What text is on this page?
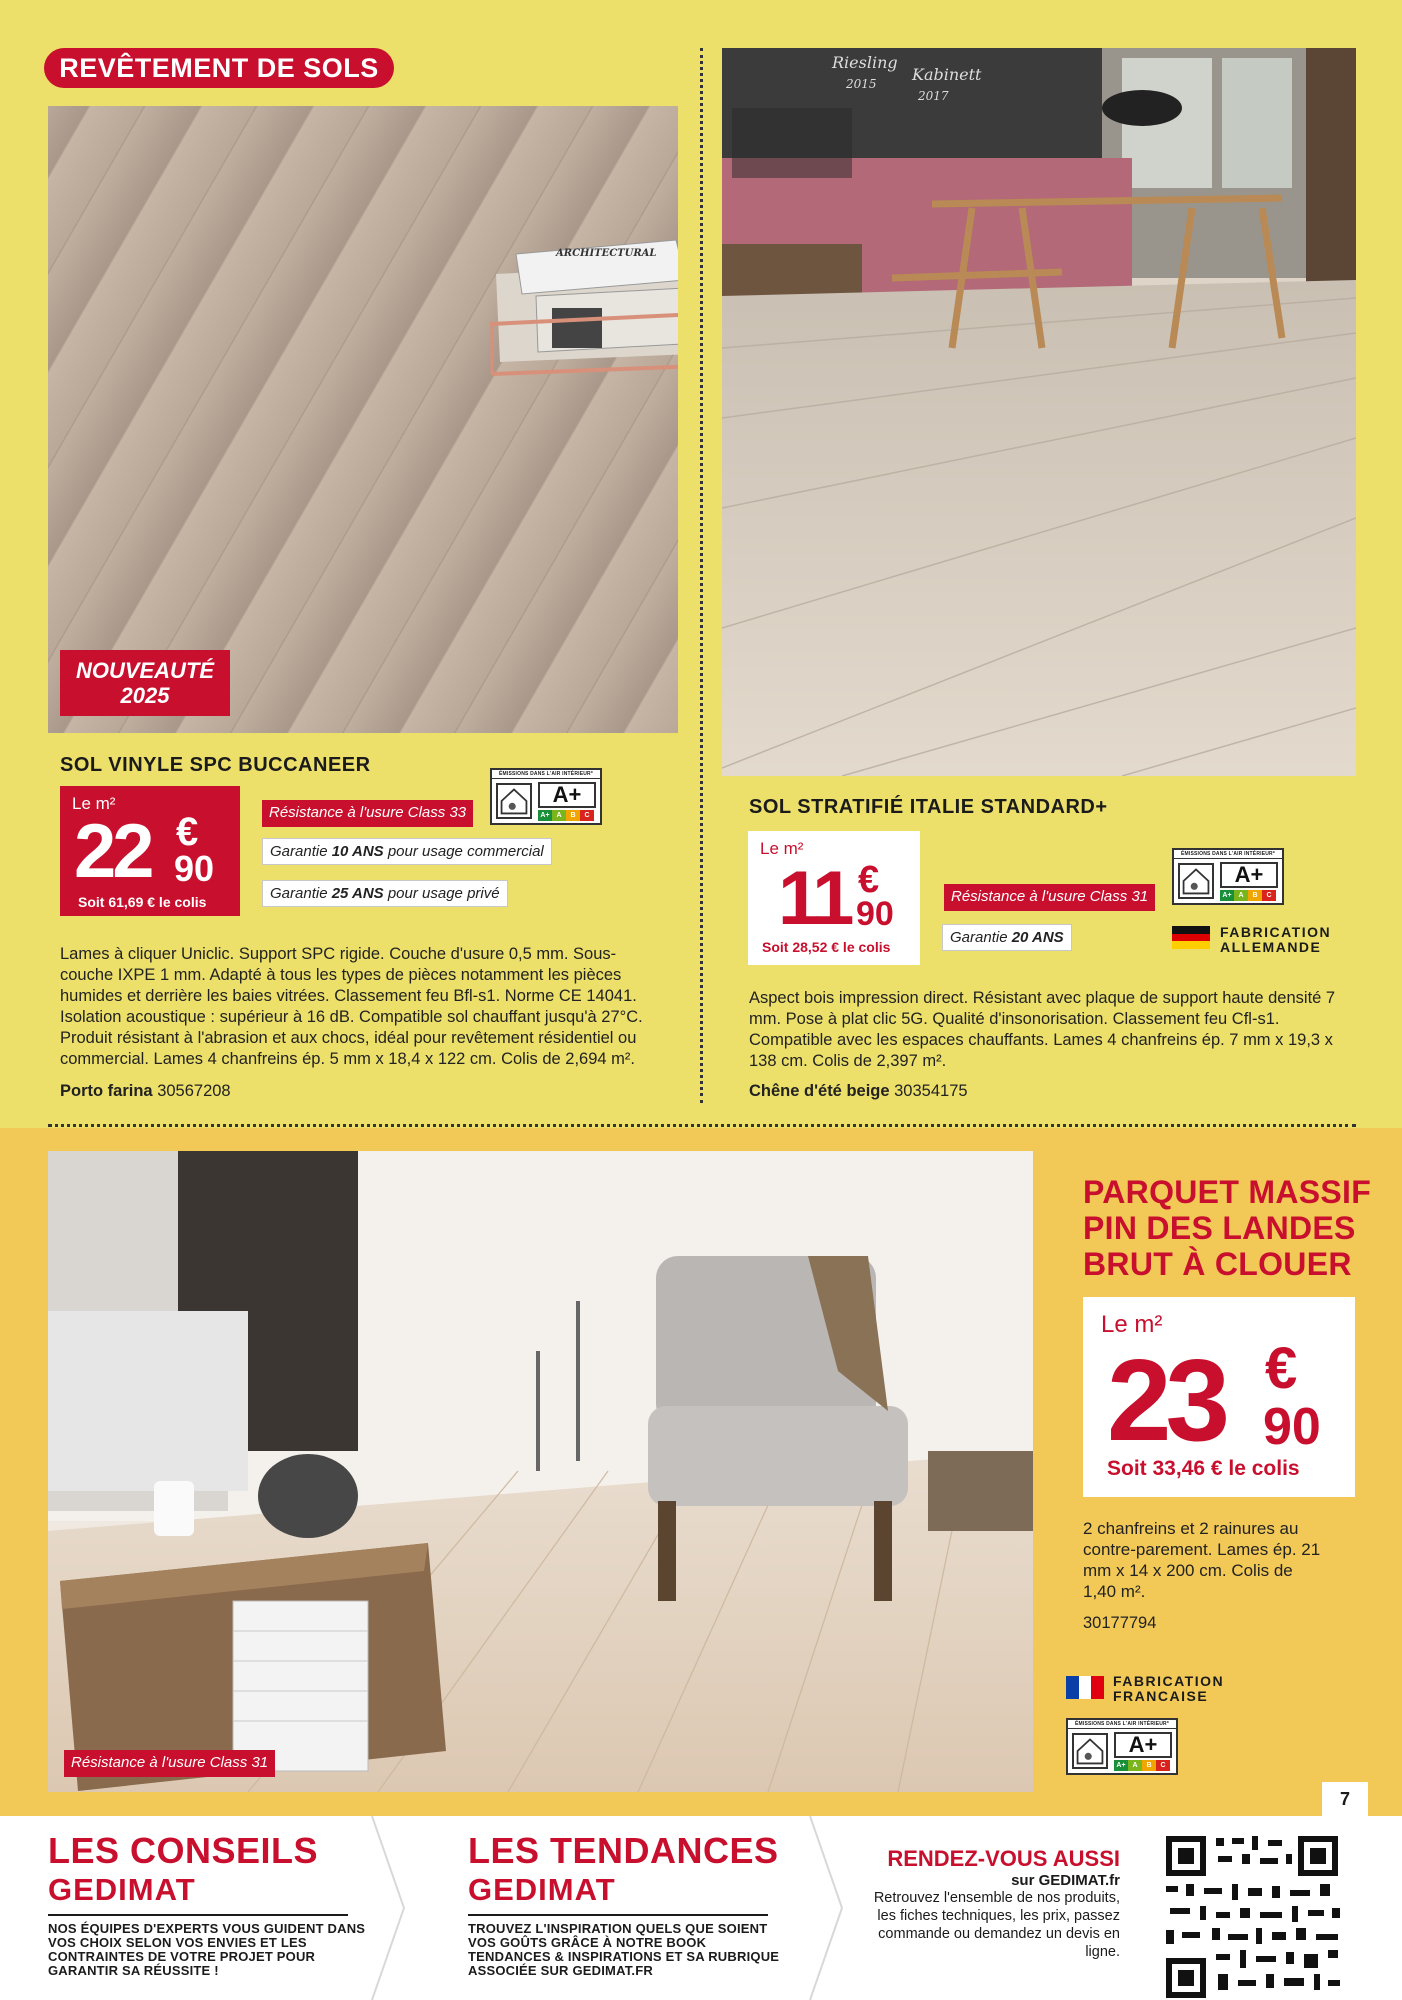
REVÊTEMENT DE SOLS
ARCHITECTURAL
NOUVEAUTÉ
2025
SOL VINYLE SPC BUCCANEER
Le m²
22 €
90
Soit 61,69 € le colis
Résistance à l'usure Class 33
Garantie 10 ANS pour usage commercial
Garantie 25 ANS pour usage privé
ÉMISSIONS DANS L'AIR INTÉRIEUR*
A+
A+ A	B	C
Lames à cliquer Uniclic. Support SPC rigide. Couche d'usure 0,5 mm. Sous-couche IXPE 1 mm. Adapté à tous les types de pièces notamment les pièces humides et derrière les baies vitrées. Classement feu Bfl-s1. Norme CE 14041. Isolation acoustique : supérieur à 16 dB. Compatible sol chauffant jusqu'à 27°C. Produit résistant à l'abrasion et aux chocs, idéal pour revêtement résidentiel ou commercial. Lames 4 chanfreins ép. 5 mm x 18,4 x 122 cm. Colis de 2,694 m².
Porto farina 30567208
Riesling
2015 Kabinett
2017
SOL STRATIFIÉ ITALIE STANDARD+
Le m²
11 €
90
Soit 28,52 € le colis
Résistance à l'usure Class 31
Garantie 20 ANS
ÉMISSIONS DANS L'AIR INTÉRIEUR*
A+
A+ A	B	C
FABRICATION
ALLEMANDE
Aspect bois impression direct. Résistant avec plaque de support haute densité 7 mm. Pose à plat clic 5G. Qualité d'insonorisation. Classement feu Cfl-s1. Compatible avec les espaces chauffants. Lames 4 chanfreins ép. 7 mm x 19,3 x 138 cm. Colis de 2,397 m².
Chêne d'été beige 30354175
Résistance à l'usure Class 31
PARQUET MASSIF
PIN DES LANDES
BRUT À CLOUER
Le m²
23 €
90
Soit 33,46 € le colis
2 chanfreins et 2 rainures au contre-parement. Lames ép. 21 mm x 14 x 200 cm. Colis de 1,40 m².
30177794
FABRICATION
FRANCAISE
ÉMISSIONS DANS L'AIR INTÉRIEUR*
A+
A+ A	B	C
7
LES CONSEILS
GEDIMAT
NOS ÉQUIPES D'EXPERTS VOUS GUIDENT DANS VOS CHOIX SELON VOS ENVIES ET LES CONTRAINTES DE VOTRE PROJET POUR GARANTIR SA RÉUSSITE !
LES TENDANCES
GEDIMAT
TROUVEZ L'INSPIRATION QUELS QUE SOIENT VOS GOÛTS GRÂCE À NOTRE BOOK TENDANCES & INSPIRATIONS ET SA RUBRIQUE ASSOCIÉE SUR GEDIMAT.FR
RENDEZ-VOUS AUSSI
sur GEDIMAT.fr
Retrouvez l'ensemble de nos produits, les fiches techniques, les prix, passez commande ou demandez un devis en ligne.
